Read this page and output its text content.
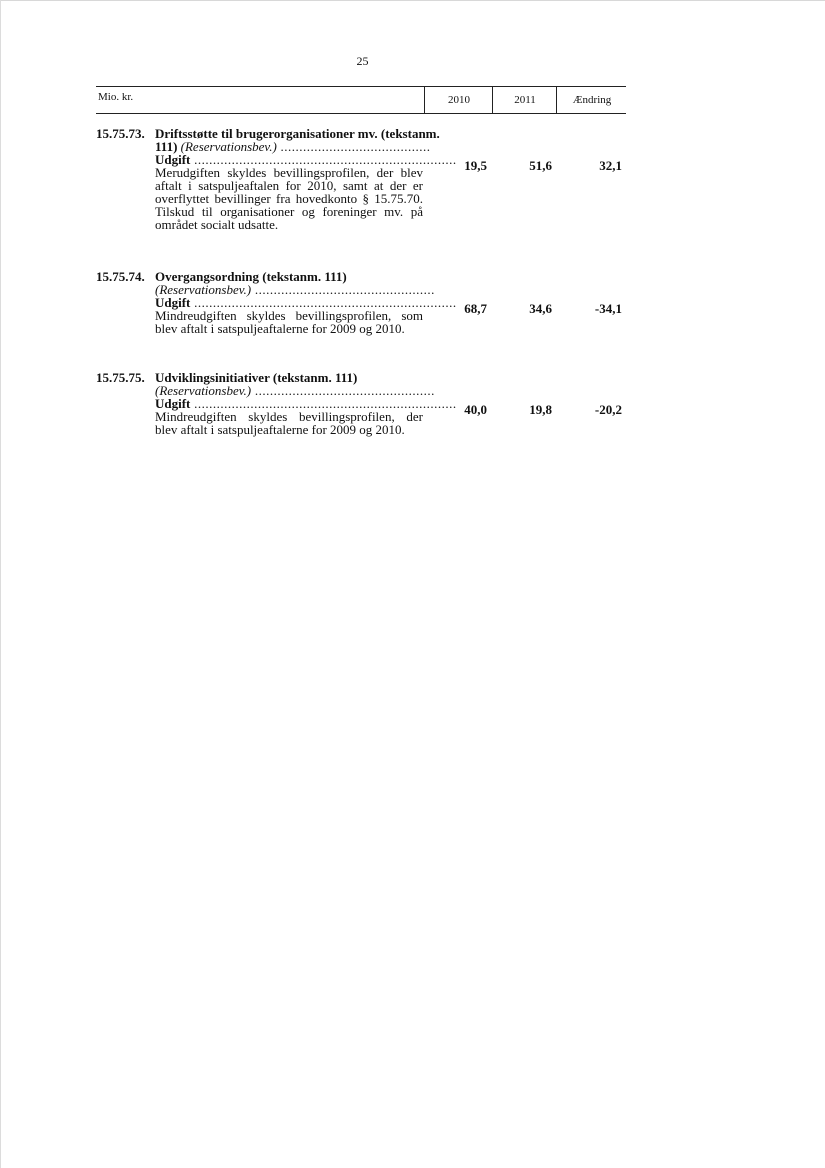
25
Mio. kr.	2010	2011	Ændring
15.75.73. Driftsstøtte til brugerorganisationer mv. (tekstanm.
111) (Reservationsbev.) ........................................
Udgift ......................................................................
Merudgiften skyldes bevillingsprofilen, der blev aftalt i satspuljeaftalen for 2010, samt at der er overflyttet bevillinger fra hovedkonto § 15.75.70. Tilskud til organisationer og foreninger mv. på området socialt udsatte.
19,5	51,6	32,1
15.75.74. Overgangsordning (tekstanm. 111)
(Reservationsbev.) ................................................
Udgift ......................................................................
Mindreudgiften skyldes bevillingsprofilen, som blev aftalt i satspuljeaftalerne for 2009 og 2010.
68,7	34,6	-34,1
15.75.75. Udviklingsinitiativer (tekstanm. 111)
(Reservationsbev.) ................................................
Udgift ......................................................................
Mindreudgiften skyldes bevillingsprofilen, der blev aftalt i satspuljeaftalerne for 2009 og 2010.
40,0	19,8	-20,2
